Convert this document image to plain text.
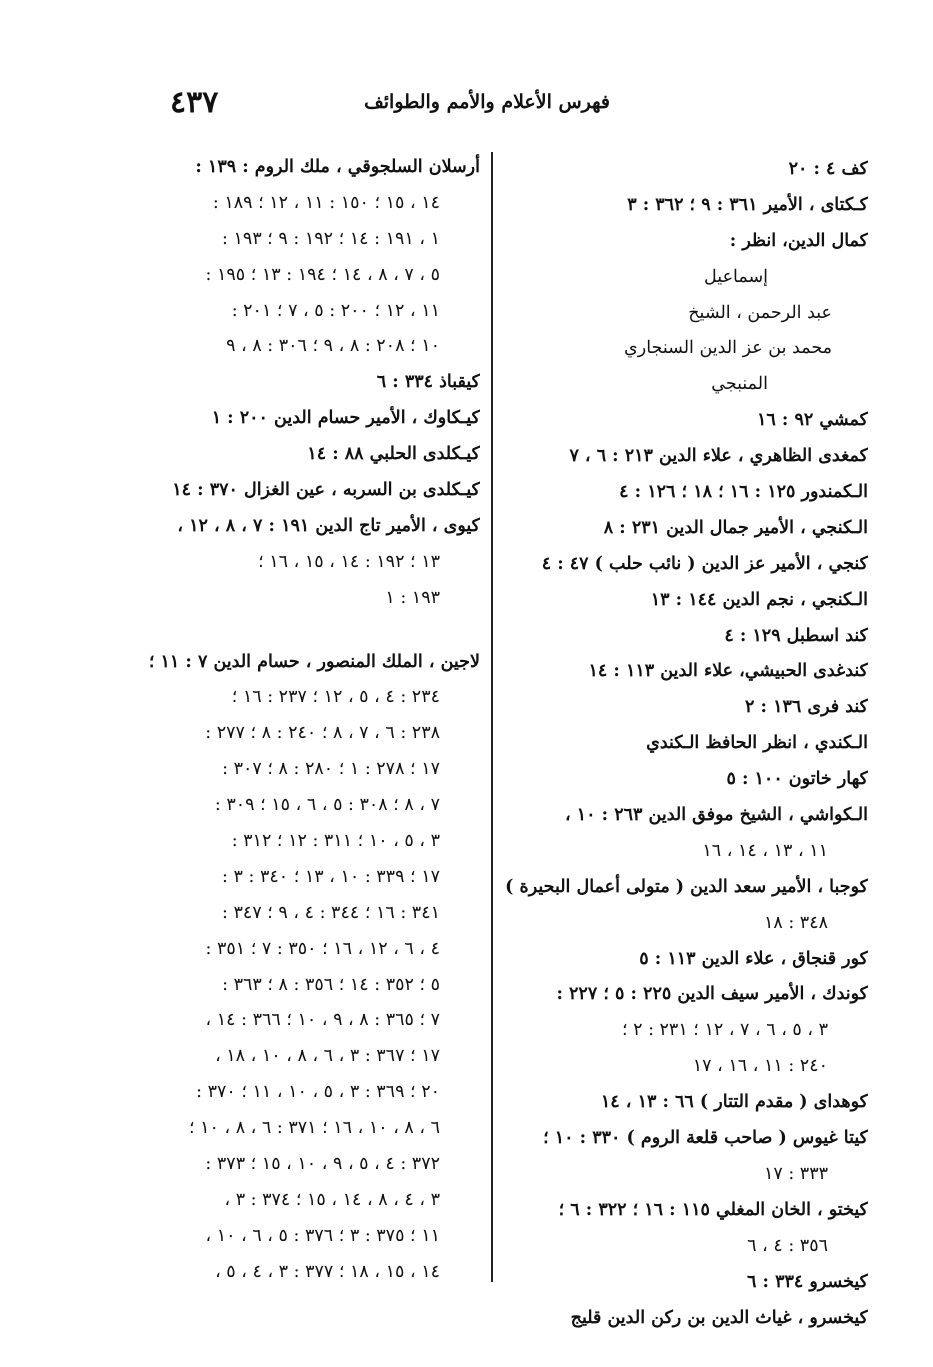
٤٣٧	فهرس الأعلام والأمم والطوائف
كف ٤ : ٢٠
كـكتاى ، الأمير ٣٦١ : ٩ ؛ ٣٦٢ : ٣
كمال الدين، انظر :
إسماعيل
عبد الرحمن ، الشيخ
محمد بن عز الدين السنجاري
المنبجي
كمشي ٩٢ : ١٦
كمغدى الظاهري ، علاء الدين ٢١٣ : ٦ ، ٧
الـكمندور ١٢٥ : ١٦ ؛ ١٨ ؛ ١٢٦ : ٤
الـكنجي ، الأمير جمال الدين ٢٣١ : ٨
كنجي ، الأمير عز الدين ( نائب حلب ) ٤٧ : ٤
الـكنجي ، نجم الدين ١٤٤ : ١٣
كند اسطبل ١٢٩ : ٤
كندغدى الحبيشي، علاء الدين ١١٣ : ١٤
كند فرى ١٣٦ : ٢
الـكندي ، انظر الحافظ الـكندي
كهار خاتون ١٠٠ : ٥
الـكواشي ، الشيخ موفق الدين ٢٦٣ : ١٠ ،
١١ ، ١٣ ، ١٤ ، ١٦
كوجبا ، الأمير سعد الدين ( متولى أعمال البحيرة )
٣٤٨ : ١٨
كور قنجاق ، علاء الدين ١١٣ : ٥
كوندك ، الأمير سيف الدين ٢٢٥ : ٥ ؛ ٢٢٧ :
٣ ، ٥ ، ٦ ، ٧ ، ١٢ ؛ ٢٣١ : ٢ ؛
٢٤٠ : ١١ ، ١٦ ، ١٧
كوهداى ( مقدم التتار ) ٦٦ : ١٣ ، ١٤
كيتا غيوس ( صاحب قلعة الروم ) ٣٣٠ : ١٠ ؛
٣٣٣ : ١٧
كيختو ، الخان المغلي ١١٥ : ١٦ ؛ ٣٢٢ : ٦ ؛
٣٥٦ : ٤ ، ٦
كيخسرو ٣٣٤ : ٦
كيخسرو ، غياث الدين بن ركن الدين قليج
أرسلان السلجوقي ، ملك الروم : ١٣٩ :
١٤ ، ١٥ ؛ ١٥٠ : ١١ ، ١٢ ؛ ١٨٩ :
١ ، ١٩١ : ١٤ ؛ ١٩٢ : ٩ ؛ ١٩٣ :
٥ ، ٧ ، ٨ ، ١٤ ؛ ١٩٤ : ١٣ ؛ ١٩٥ :
١١ ، ١٢ ؛ ٢٠٠ : ٥ ، ٧ ؛ ٢٠١ :
١٠ ؛ ٢٠٨ : ٨ ، ٩ ؛ ٣٠٦ : ٨ ، ٩
كيقباذ ٣٣٤ : ٦
كيـكاوك ، الأمير حسام الدين ٢٠٠ : ١
كيـكلدى الحلبي ٨٨ : ١٤
كيـكلدى بن السربه ، عين الغزال ٣٧٠ : ١٤
كيوى ، الأمير تاج الدين ١٩١ : ٧ ، ٨ ، ١٢ ،
١٣ ؛ ١٩٢ : ١٤ ، ١٥ ، ١٦ ؛
١٩٣ : ١
لاجين ، الملك المنصور ، حسام الدين ٧ : ١١ ؛
٢٣٤ : ٤ ، ٥ ، ١٢ ؛ ٢٣٧ : ١٦ ؛
٢٣٨ : ٦ ، ٧ ، ٨ ؛ ٢٤٠ : ٨ ؛ ٢٧٧ :
١٧ ؛ ٢٧٨ : ١ ؛ ٢٨٠ : ٨ ؛ ٣٠٧ :
٧ ، ٨ ؛ ٣٠٨ : ٥ ، ٦ ، ١٥ ؛ ٣٠٩ :
٣ ، ٥ ، ١٠ ؛ ٣١١ : ١٢ ؛ ٣١٢ :
١٧ ؛ ٣٣٩ : ١٠ ، ١٣ ؛ ٣٤٠ : ٣ :
٣٤١ : ١٦ ؛ ٣٤٤ : ٤ ، ٩ ؛ ٣٤٧ :
٤ ، ٦ ، ١٢ ، ١٦ ؛ ٣٥٠ : ٧ ؛ ٣٥١ :
٥ ؛ ٣٥٢ : ١٤ ؛ ٣٥٦ : ٨ ؛ ٣٦٣ :
٧ ؛ ٣٦٥ : ٨ ، ٩ ، ١٠ ؛ ٣٦٦ : ١٤ ،
١٧ ؛ ٣٦٧ : ٣ ، ٦ ، ٨ ، ١٠ ، ١٨ ،
٢٠ ؛ ٣٦٩ : ٣ ، ٥ ، ١٠ ، ١١ ؛ ٣٧٠ :
٦ ، ٨ ، ١٠ ، ١٦ ؛ ٣٧١ : ٦ ، ٨ ، ١٠ ؛
٣٧٢ : ٤ ، ٥ ، ٩ ، ١٠ ، ١٥ ؛ ٣٧٣ :
٣ ، ٤ ، ٨ ، ١٤ ، ١٥ ؛ ٣٧٤ : ٣ ،
١١ ؛ ٣٧٥ : ٣ ؛ ٣٧٦ : ٥ ، ٦ ، ١٠ ،
١٤ ، ١٥ ، ١٨ ؛ ٣٧٧ : ٣ ، ٤ ، ٥ ،
